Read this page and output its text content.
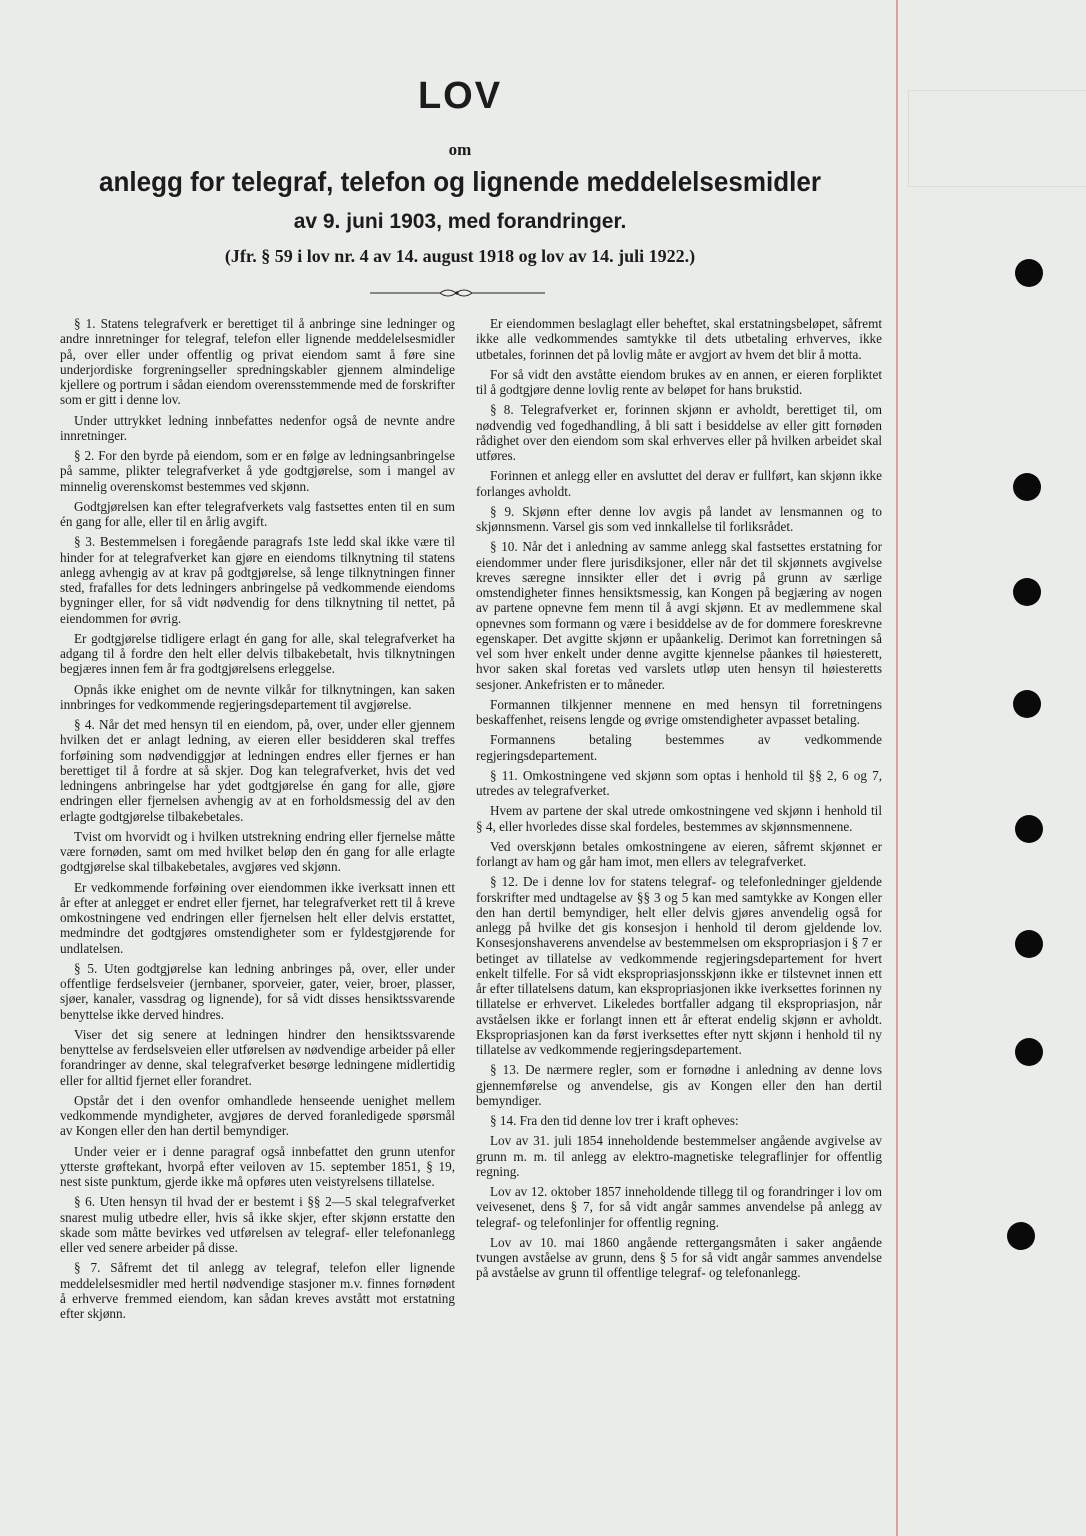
LOV
om
anlegg for telegraf, telefon og lignende meddelelsesmidler
av 9. juni 1903, med forandringer.
(Jfr. § 59 i lov nr. 4 av 14. august 1918 og lov av 14. juli 1922.)

§ 1. Statens telegrafverk er berettiget til å anbringe sine ledninger og andre innretninger for telegraf, telefon eller lignende meddelelsesmidler på, over eller under offentlig og privat eiendom samt å føre sine underjordiske forgreningseller spredningskabler gjennem almindelige kjellere og portrum i sådan eiendom overensstemmende med de forskrifter som er gitt i denne lov.

Under uttrykket ledning innbefattes nedenfor også de nevnte andre innretninger.

§ 2. For den byrde på eiendom, som er en følge av ledningsanbringelse på samme, plikter telegrafverket å yde godtgjørelse, som i mangel av minnelig overenskomst bestemmes ved skjønn.

Godtgjørelsen kan efter telegrafverkets valg fastsettes enten til en sum én gang for alle, eller til en årlig avgift.

§ 3. Bestemmelsen i foregående paragrafs 1ste ledd skal ikke være til hinder for at telegrafverket kan gjøre en eiendoms tilknytning til statens anlegg avhengig av at krav på godtgjørelse, så lenge tilknytningen finner sted, frafalles for dets ledningers anbringelse på vedkommende eiendoms bygninger eller, for så vidt nødvendig for dens tilknytning til nettet, på eiendommen for øvrig.

Er godtgjørelse tidligere erlagt én gang for alle, skal telegrafverket ha adgang til å fordre den helt eller delvis tilbakebetalt, hvis tilknytningen begjæres innen fem år fra godtgjørelsens erleggelse.

Opnås ikke enighet om de nevnte vilkår for tilknytningen, kan saken innbringes for vedkommende regjeringsdepartement til avgjørelse.

§ 4. Når det med hensyn til en eiendom, på, over, under eller gjennem hvilken det er anlagt ledning, av eieren eller besidderen skal treffes forføining som nødvendiggjør at ledningen endres eller fjernes er han berettiget til å fordre at så skjer. Dog kan telegrafverket, hvis det ved ledningens anbringelse har ydet godtgjørelse én gang for alle, gjøre endringen eller fjernelsen avhengig av at en forholdsmessig del av den erlagte godtgjørelse tilbakebetales.

Tvist om hvorvidt og i hvilken utstrekning endring eller fjernelse måtte være fornøden, samt om med hvilket beløp den én gang for alle erlagte godtgjørelse skal tilbakebetales, avgjøres ved skjønn.

Er vedkommende forføining over eiendommen ikke iverksatt innen ett år efter at anlegget er endret eller fjernet, har telegrafverket rett til å kreve omkostningene ved endringen eller fjernelsen helt eller delvis erstattet, medmindre det godtgjøres omstendigheter som er fyldestgjørende for undlatelsen.

§ 5. Uten godtgjørelse kan ledning anbringes på, over, eller under offentlige ferdselsveier (jernbaner, sporveier, gater, veier, broer, plasser, sjøer, kanaler, vassdrag og lignende), for så vidt disses hensiktssvarende benyttelse ikke derved hindres.

Viser det sig senere at ledningen hindrer den hensiktssvarende benyttelse av ferdselsveien eller utførelsen av nødvendige arbeider på eller forandringer av denne, skal telegrafverket besørge ledningene midlertidig eller for alltid fjernet eller forandret.

Opstår det i den ovenfor omhandlede henseende uenighet mellem vedkommende myndigheter, avgjøres de derved foranledigede spørsmål av Kongen eller den han dertil bemyndiger.

Under veier er i denne paragraf også innbefattet den grunn utenfor ytterste grøftekant, hvorpå efter veiloven av 15. september 1851, § 19, nest siste punktum, gjerde ikke må opføres uten veistyrelsens tillatelse.

§ 6. Uten hensyn til hvad der er bestemt i §§ 2—5 skal telegrafverket snarest mulig utbedre eller, hvis så ikke skjer, efter skjønn erstatte den skade som måtte bevirkes ved utførelsen av telegraf- eller telefonanlegg eller ved senere arbeider på disse.

§ 7. Såfremt det til anlegg av telegraf, telefon eller lignende meddelelsesmidler med hertil nødvendige stasjoner m.v. finnes fornødent å erhverve fremmed eiendom, kan sådan kreves avstått mot erstatning efter skjønn.

Er eiendommen beslaglagt eller beheftet, skal erstatningsbeløpet, såfremt ikke alle vedkommendes samtykke til dets utbetaling erhverves, ikke utbetales, forinnen det på lovlig måte er avgjort av hvem det blir å motta.

For så vidt den avståtte eiendom brukes av en annen, er eieren forpliktet til å godtgjøre denne lovlig rente av beløpet for hans brukstid.

§ 8. Telegrafverket er, forinnen skjønn er avholdt, berettiget til, om nødvendig ved fogedhandling, å bli satt i besiddelse av eller gitt fornøden rådighet over den eiendom som skal erhverves eller på hvilken arbeidet skal utføres.

Forinnen et anlegg eller en avsluttet del derav er fullført, kan skjønn ikke forlanges avholdt.

§ 9. Skjønn efter denne lov avgis på landet av lensmannen og to skjønnsmenn. Varsel gis som ved innkallelse til forliksrådet.

§ 10. Når det i anledning av samme anlegg skal fastsettes erstatning for eiendommer under flere jurisdiksjoner, eller når det til skjønnets avgivelse kreves særegne innsikter eller det i øvrig på grunn av særlige omstendigheter finnes hensiktsmessig, kan Kongen på begjæring av nogen av partene opnevne fem menn til å avgi skjønn. Et av medlemmene skal opnevnes som formann og være i besiddelse av de for dommere foreskrevne egenskaper. Det avgitte skjønn er upåankelig. Derimot kan forretningen så vel som hver enkelt under denne avgitte kjennelse påankes til høiesterett, hvor saken skal foretas ved varslets utløp uten hensyn til høiesteretts sesjoner. Ankefristen er to måneder.

Formannen tilkjenner mennene en med hensyn til forretningens beskaffenhet, reisens lengde og øvrige omstendigheter avpasset betaling.

Formannens betaling bestemmes av vedkommende regjeringsdepartement.

§ 11. Omkostningene ved skjønn som optas i henhold til §§ 2, 6 og 7, utredes av telegrafverket.

Hvem av partene der skal utrede omkostningene ved skjønn i henhold til § 4, eller hvorledes disse skal fordeles, bestemmes av skjønnsmennene.

Ved overskjønn betales omkostningene av eieren, såfremt skjønnet er forlangt av ham og går ham imot, men ellers av telegrafverket.

§ 12. De i denne lov for statens telegraf- og telefonledninger gjeldende forskrifter med undtagelse av §§ 3 og 5 kan med samtykke av Kongen eller den han dertil bemyndiger, helt eller delvis gjøres anvendelig også for anlegg på hvilke det gis konsesjon i henhold til derom gjeldende lov. Konsesjonshaverens anvendelse av bestemmelsen om ekspropriasjon i § 7 er betinget av tillatelse av vedkommende regjeringsdepartement for hvert enkelt tilfelle. For så vidt ekspropriasjonsskjønn ikke er tilstevnet innen ett år efter tillatelsens datum, kan ekspropriasjonen ikke iverksettes forinnen ny tillatelse er erhvervet. Likeledes bortfaller adgang til ekspropriasjon, når avståelsen ikke er forlangt innen ett år efterat endelig skjønn er avholdt. Ekspropriasjonen kan da først iverksettes efter nytt skjønn i henhold til ny tillatelse av vedkommende regjeringsdepartement.

§ 13. De nærmere regler, som er fornødne i anledning av denne lovs gjennemførelse og anvendelse, gis av Kongen eller den han dertil bemyndiger.

§ 14. Fra den tid denne lov trer i kraft opheves:

Lov av 31. juli 1854 inneholdende bestemmelser angående avgivelse av grunn m. m. til anlegg av elektro-magnetiske telegraflinjer for offentlig regning.

Lov av 12. oktober 1857 inneholdende tillegg til og forandringer i lov om veivesenet, dens § 7, for så vidt angår sammes anvendelse på anlegg av telegraf- og telefonlinjer for offentlig regning.

Lov av 10. mai 1860 angående rettergangsmåten i saker angående tvungen avståelse av grunn, dens § 5 for så vidt angår sammes anvendelse på avståelse av grunn til offentlige telegraf- og telefonanlegg.
